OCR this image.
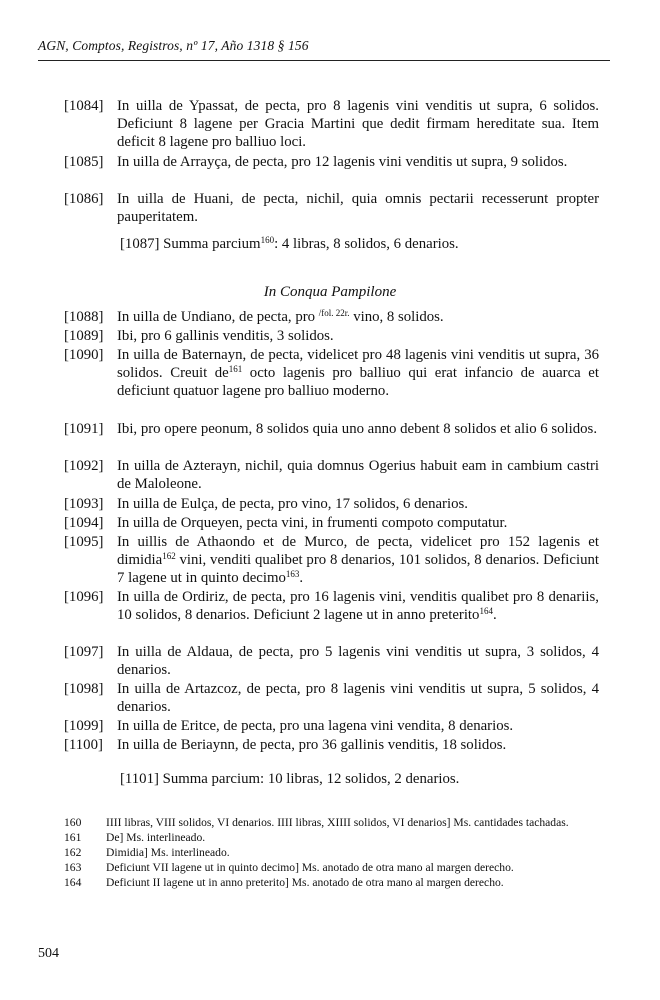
AGN, Comptos, Registros, nº 17, Año 1318 § 156
[1084] In uilla de Ypassat, de pecta, pro 8 lagenis vini venditis ut supra, 6 solidos. Deficiunt 8 lagene per Gracia Martini que dedit firmam hereditate sua. Item deficit 8 lagene pro balliuo loci.
[1085] In uilla de Arrayça, de pecta, pro 12 lagenis vini venditis ut supra, 9 solidos.
[1086] In uilla de Huani, de pecta, nichil, quia omnis pectarii recesserunt propter pauperitatem.
[1087] Summa parcium$^{160}$: 4 libras, 8 solidos, 6 denarios.
In Conqua Pampilone
[1088] In uilla de Undiano, de pecta, pro $^{/fol. 22r.}$ vino, 8 solidos.
[1089] Ibi, pro 6 gallinis venditis, 3 solidos.
[1090] In uilla de Baternayn, de pecta, videlicet pro 48 lagenis vini venditis ut supra, 36 solidos. Creuit $de^{161}$ octo lagenis pro balliuo qui erat infancio de auarca et deficiunt quatuor lagene pro balliuo moderno.
[1091] Ibi, pro opere peonum, 8 solidos quia uno anno debent 8 solidos et alio 6 solidos.
[1092] In uilla de Azterayn, nichil, quia domnus Ogerius habuit eam in cambium castri de Maloleone.
[1093] In uilla de Eulça, de pecta, pro vino, 17 solidos, 6 denarios.
[1094] In uilla de Orqueyen, pecta vini, in frumenti compoto computatur.
[1095] In uillis de Athaondo et de Murco, de pecta, videlicet pro 152 lagenis et dimidia$^{162}$ vini, venditi qualibet pro 8 denarios, 101 solidos, 8 denarios. Deficiunt 7 lagene ut in quinto decimo$^{163}$.
[1096] In uilla de Ordiriz, de pecta, pro 16 lagenis vini, venditis qualibet pro 8 denariis, 10 solidos, 8 denarios. Deficiunt 2 lagene ut in anno preterito$^{164}$.
[1097] In uilla de Aldaua, de pecta, pro 5 lagenis vini venditis ut supra, 3 solidos, 4 denarios.
[1098] In uilla de Artazcoz, de pecta, pro 8 lagenis vini venditis ut supra, 5 solidos, 4 denarios.
[1099] In uilla de Eritce, de pecta, pro una lagena vini vendita, 8 denarios.
[1100] In uilla de Beriaynn, de pecta, pro 36 gallinis venditis, 18 solidos.
[1101] Summa parcium: 10 libras, 12 solidos, 2 denarios.
160 IIII libras, VIII solidos, VI denarios. IIII libras, XIIII solidos, VI denarios] Ms. cantidades tachadas.
161 De] Ms. interlineado.
162 Dimidia] Ms. interlineado.
163 Deficiunt VII lagene ut in quinto decimo] Ms. anotado de otra mano al margen derecho.
164 Deficiunt II lagene ut in anno preterito] Ms. anotado de otra mano al margen derecho.
504
